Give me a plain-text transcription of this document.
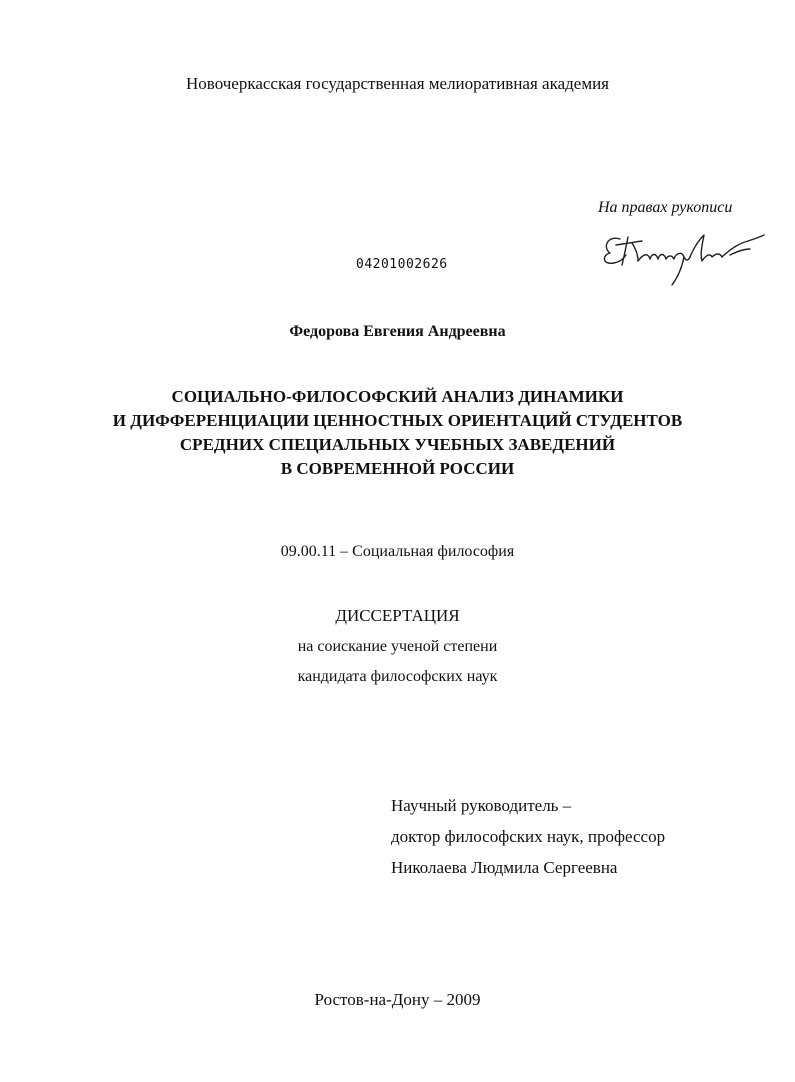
Новочеркасская государственная мелиоративная академия
На правах рукописи
04201002626
Федорова Евгения Андреевна
СОЦИАЛЬНО-ФИЛОСОФСКИЙ АНАЛИЗ ДИНАМИКИ
И ДИФФЕРЕНЦИАЦИИ ЦЕННОСТНЫХ ОРИЕНТАЦИЙ СТУДЕНТОВ
СРЕДНИХ СПЕЦИАЛЬНЫХ УЧЕБНЫХ ЗАВЕДЕНИЙ
В СОВРЕМЕННОЙ РОССИИ
09.00.11 – Социальная философия
ДИССЕРТАЦИЯ
на соискание ученой степени
кандидата философских наук
Научный руководитель –
доктор философских наук, профессор
Николаева Людмила Сергеевна
Ростов-на-Дону – 2009
